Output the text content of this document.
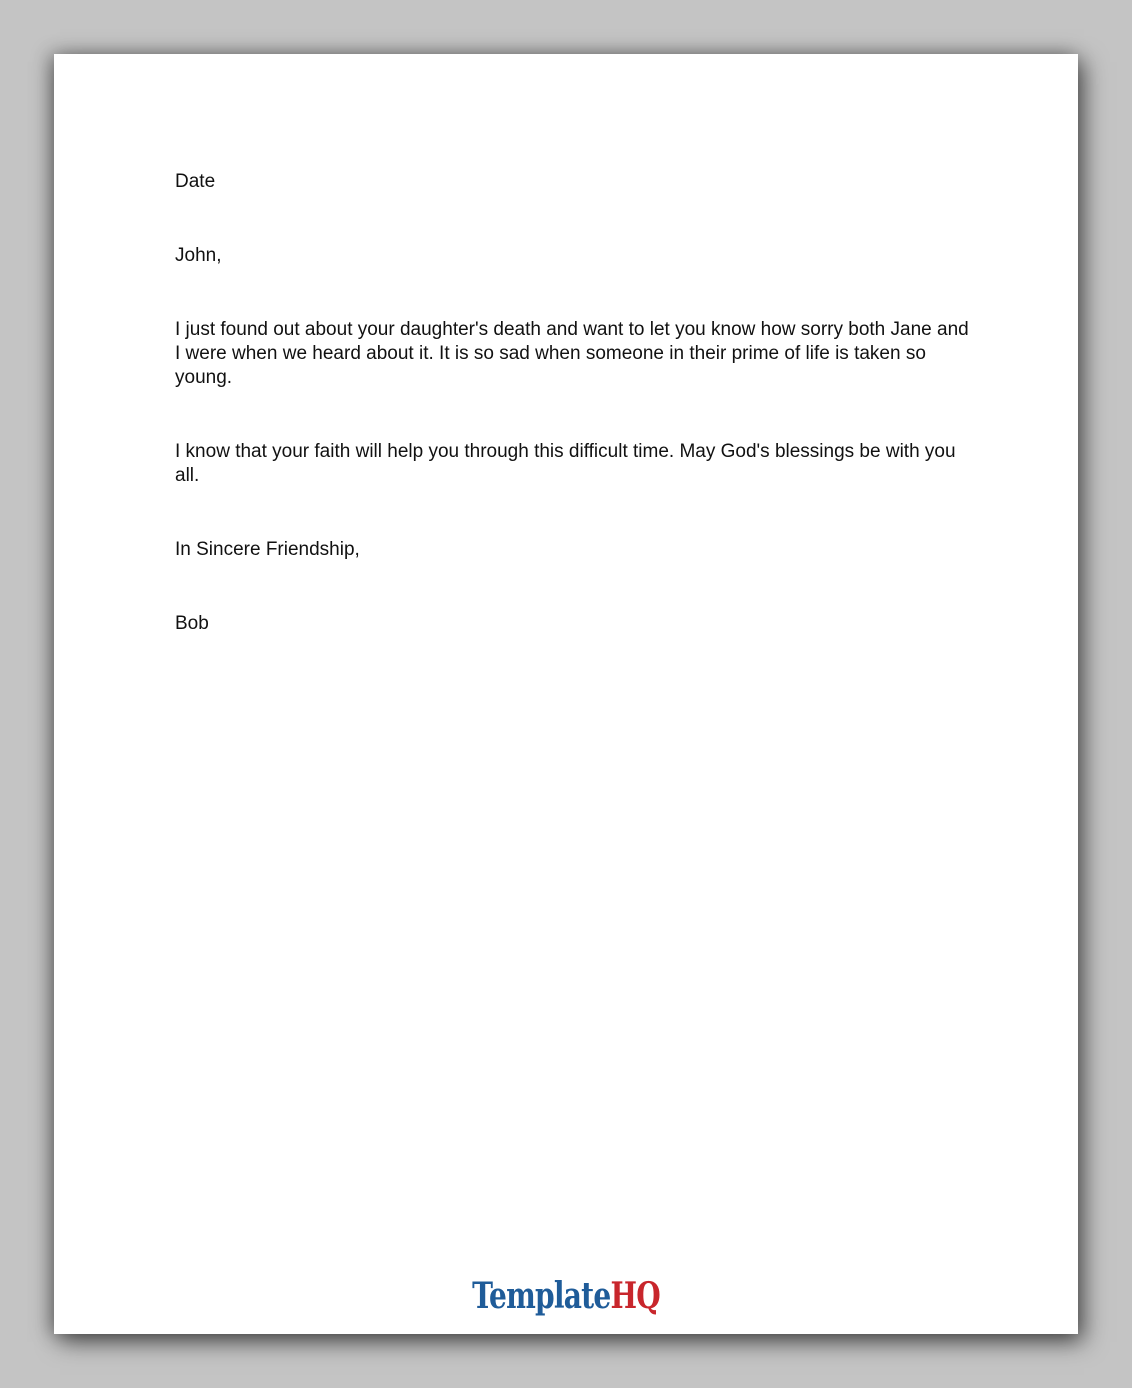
Date

John,

I just found out about your daughter's death and want to let you know how sorry both Jane and I were when we heard about it. It is so sad when someone in their prime of life is taken so young.

I know that your faith will help you through this difficult time. May God's blessings be with you all.

In Sincere Friendship,

Bob

TemplateHQ
